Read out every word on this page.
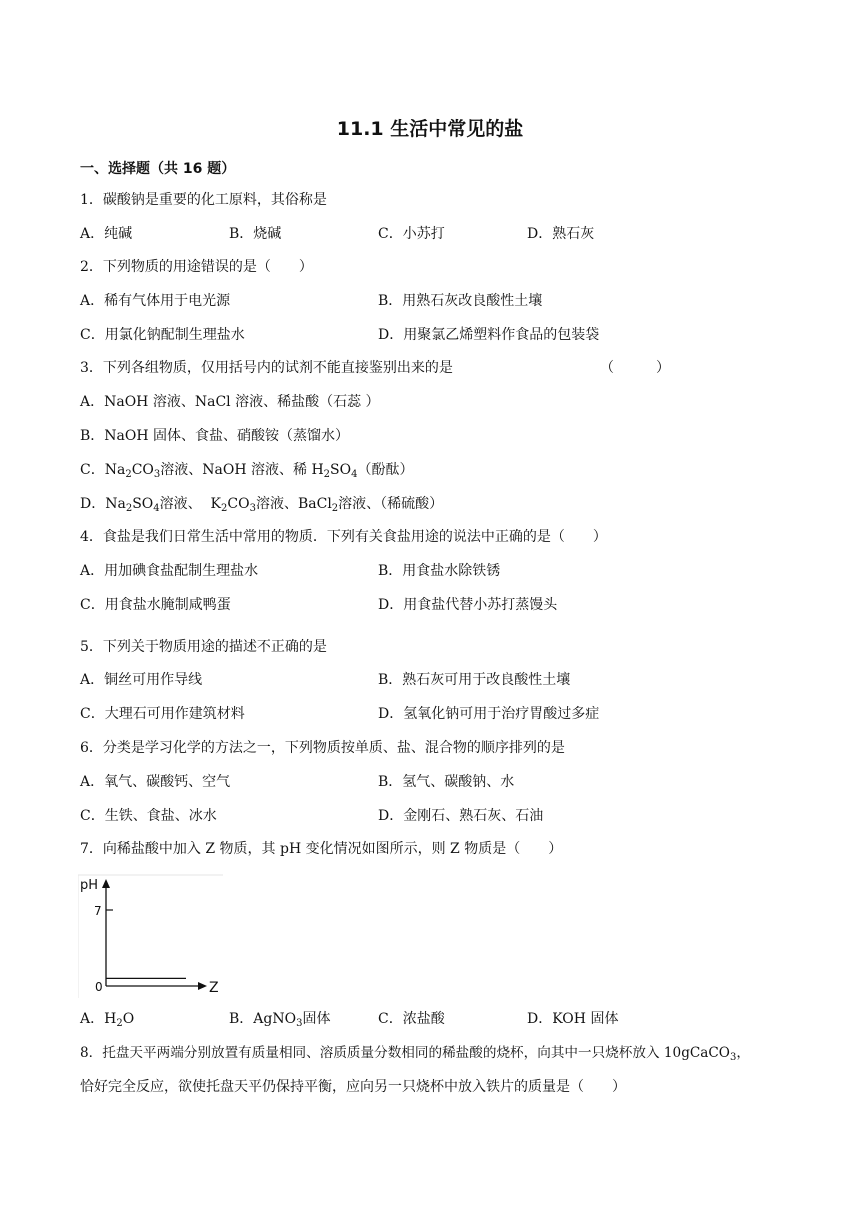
11.1 生活中常见的盐
一、选择题（共 16 题）
1．碳酸钠是重要的化工原料，其俗称是
A．纯碱	B．烧碱	C．小苏打	D．熟石灰
2．下列物质的用途错误的是（　　）
A．稀有气体用于电光源	B．用熟石灰改良酸性土壤
C．用氯化钠配制生理盐水	D．用聚氯乙烯塑料作食品的包装袋
3．下列各组物质，仅用括号内的试剂不能直接鉴别出来的是	（　　　）
A．NaOH 溶液、NaCl 溶液、稀盐酸（石蕊 ）
B．NaOH 固体、食盐、硝酸铵（蒸馏水）
C．$Na_2CO_3$溶液、NaOH 溶液、稀 $H_2SO_4$（酚酞）
D．$Na_2SO_4$溶液、  $K_2CO_3$溶液、BaCl$_2$溶液、（稀硫酸）
4．食盐是我们日常生活中常用的物质．下列有关食盐用途的说法中正确的是（　　）
A．用加碘食盐配制生理盐水	B．用食盐水除铁锈
C．用食盐水腌制咸鸭蛋	D．用食盐代替小苏打蒸馒头
5．下列关于物质用途的描述不正确的是
A．铜丝可用作导线	B．熟石灰可用于改良酸性土壤
C．大理石可用作建筑材料	D．氢氧化钠可用于治疗胃酸过多症
6．分类是学习化学的方法之一，下列物质按单质、盐、混合物的顺序排列的是
A．氧气、碳酸钙、空气	B．氢气、碳酸钠、水
C．生铁、食盐、冰水	D．金刚石、熟石灰、石油
7．向稀盐酸中加入 Z 物质，其 pH 变化情况如图所示，则 Z 物质是（　　）
pH
7
0	Z
A．$H_2O$	B．AgNO$_3$固体	C．浓盐酸	D．KOH 固体
8．托盘天平两端分别放置有质量相同、溶质质量分数相同的稀盐酸的烧杯，向其中一只烧杯放入 10gCaCO$_3$，
恰好完全反应，欲使托盘天平仍保持平衡，应向另一只烧杯中放入铁片的质量是（　　）
